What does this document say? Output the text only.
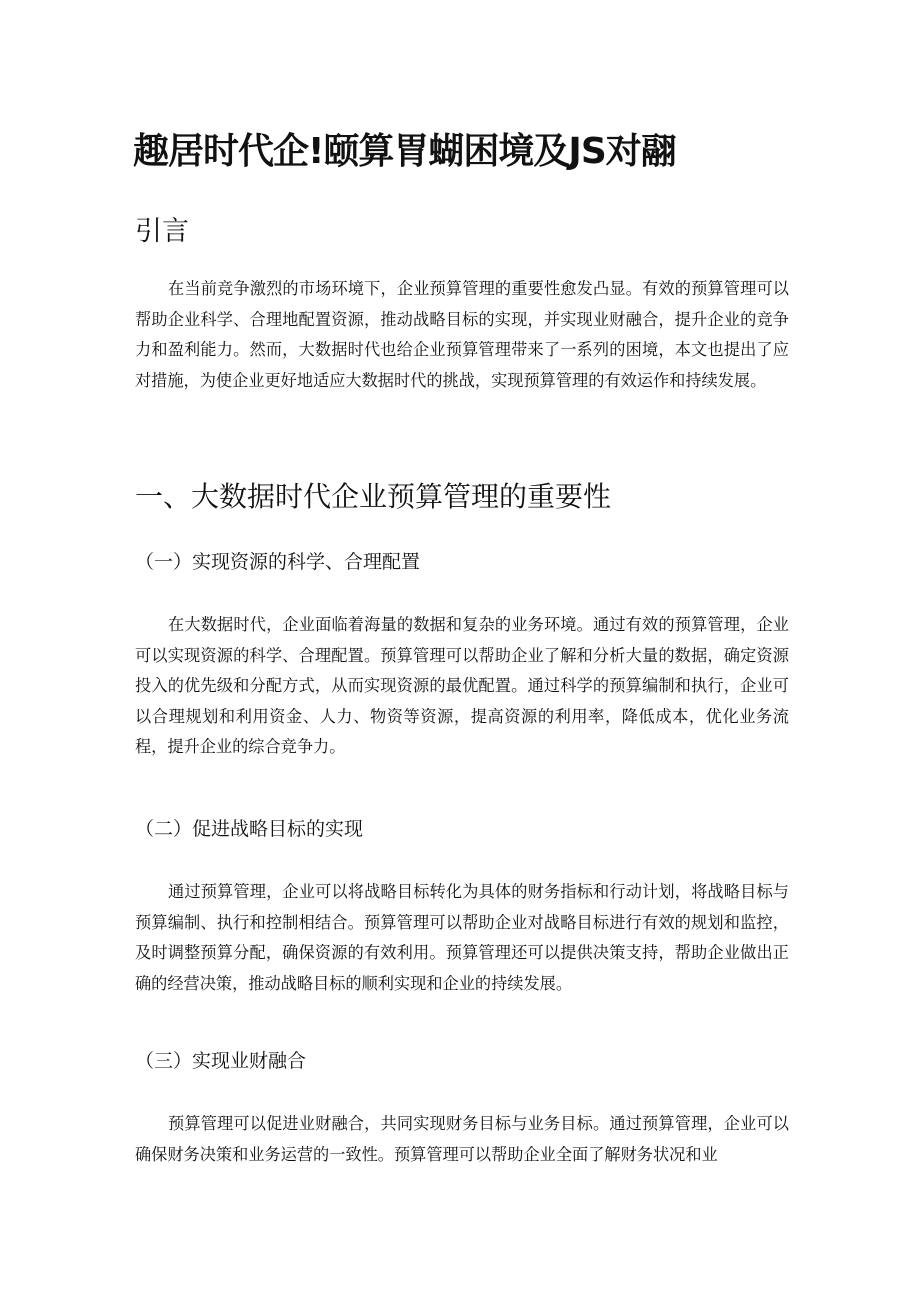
趣居时代企!颐算胃蝴困境及JS对翮
引言

在当前竞争激烈的市场环境下，企业预算管理的重要性愈发凸显。有效的预算管理可以帮助企业科学、合理地配置资源，推动战略目标的实现，并实现业财融合，提升企业的竞争力和盈利能力。然而，大数据时代也给企业预算管理带来了一系列的困境，本文也提出了应对措施，为使企业更好地适应大数据时代的挑战，实现预算管理的有效运作和持续发展。

一、大数据时代企业预算管理的重要性
（一）实现资源的科学、合理配置

在大数据时代，企业面临着海量的数据和复杂的业务环境。通过有效的预算管理，企业可以实现资源的科学、合理配置。预算管理可以帮助企业了解和分析大量的数据，确定资源投入的优先级和分配方式，从而实现资源的最优配置。通过科学的预算编制和执行，企业可以合理规划和利用资金、人力、物资等资源，提高资源的利用率，降低成本，优化业务流程，提升企业的综合竞争力。

（二）促进战略目标的实现

通过预算管理，企业可以将战略目标转化为具体的财务指标和行动计划，将战略目标与预算编制、执行和控制相结合。预算管理可以帮助企业对战略目标进行有效的规划和监控，及时调整预算分配，确保资源的有效利用。预算管理还可以提供决策支持，帮助企业做出正确的经营决策，推动战略目标的顺利实现和企业的持续发展。

（三）实现业财融合

预算管理可以促进业财融合，共同实现财务目标与业务目标。通过预算管理，企业可以确保财务决策和业务运营的一致性。预算管理可以帮助企业全面了解财务状况和业
